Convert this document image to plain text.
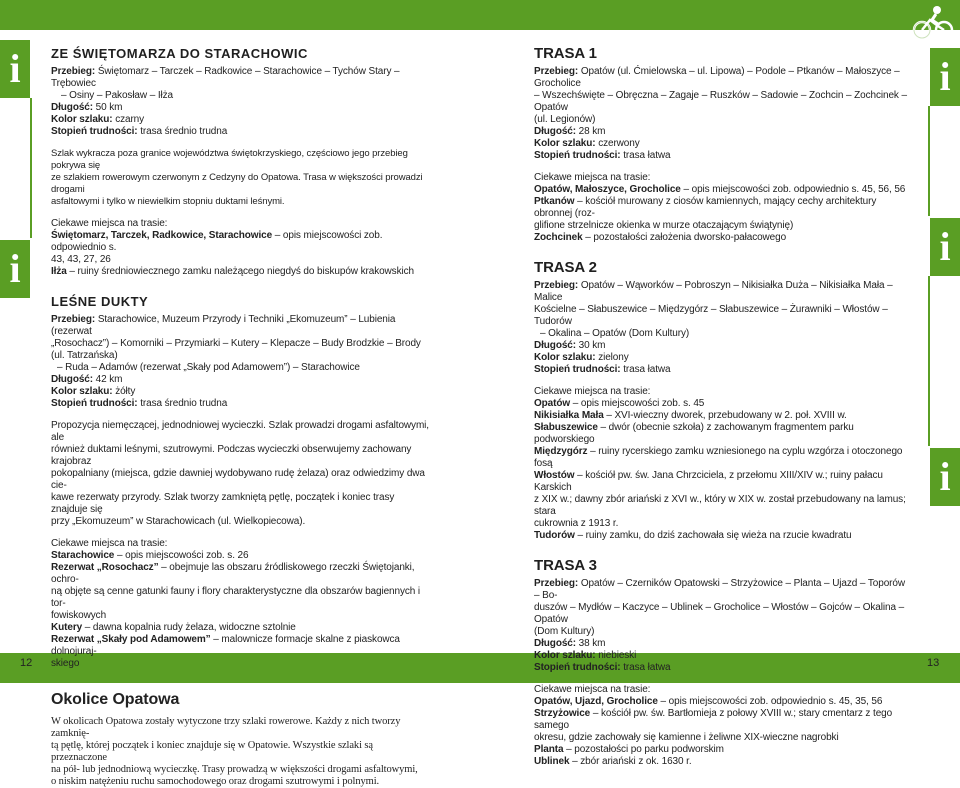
12	13
i
i
i
i
i

ZE ŚWIĘTOMARZA DO STARACHOWIC

Przebieg: Świętomarz – Tarczek – Radkowice – Starachowice – Tychów Stary – Trębowiec

– Osiny – Pakosław – Iłża

Długość: 50 km

Kolor szlaku: czarny

Stopień trudności: trasa średnio trudna

Szlak wykracza poza granice województwa świętokrzyskiego, częściowo jego przebieg pokrywa się

ze szlakiem rowerowym czerwonym z Cedzyny do Opatowa. Trasa w większości prowadzi drogami

asfaltowymi i tylko w niewielkim stopniu duktami leśnymi.

Ciekawe miejsca na trasie:

Świętomarz, Tarczek, Radkowice, Starachowice – opis miejscowości zob. odpowiednio s.

43, 43, 27, 26

Iłża – ruiny średniowiecznego zamku należącego niegdyś do biskupów krakowskich

LEŚNE DUKTY

Przebieg: Starachowice, Muzeum Przyrody i Techniki „Ekomuzeum” – Lubienia (rezerwat

„Rosochacz”) – Komorniki – Przymiarki – Kutery – Klepacze – Budy Brodzkie – Brody (ul. Tatrzańska)

– Ruda – Adamów (rezerwat „Skały pod Adamowem”) – Starachowice

Długość: 42 km

Kolor szlaku: żółty

Stopień trudności: trasa średnio trudna

Propozycja niemęczącej, jednodniowej wycieczki. Szlak prowadzi drogami asfaltowymi, ale

również duktami leśnymi, szutrowymi. Podczas wycieczki obserwujemy zachowany krajobraz

pokopalniany (miejsca, gdzie dawniej wydobywano rudę żelaza) oraz odwiedzimy dwa cie-

kawe rezerwaty przyrody. Szlak tworzy zamkniętą pętlę, początek i koniec trasy znajduje się

przy „Ekomuzeum” w Starachowicach (ul. Wielkopiecowa).

Ciekawe miejsca na trasie:

Starachowice – opis miejscowości zob. s. 26

Rezerwat „Rosochacz” – obejmuje las obszaru źródliskowego rzeczki Świętojanki, ochro-

ną objęte są cenne gatunki fauny i flory charakterystyczne dla obszarów bagiennych i tor-

fowiskowych

Kutery – dawna kopalnia rudy żelaza, widoczne sztolnie

Rezerwat „Skały pod Adamowem” – malownicze formacje skalne z piaskowca dolnojuraj-

skiego

Okolice Opatowa

W okolicach Opatowa zostały wytyczone trzy szlaki rowerowe. Każdy z nich tworzy zamknię-

tą pętlę, której początek i koniec znajduje się w Opatowie. Wszystkie szlaki są przeznaczone

na pół- lub jednodniową wycieczkę. Trasy prowadzą w większości drogami asfaltowymi,

o niskim natężeniu ruchu samochodowego oraz drogami szutrowymi i polnymi.

TRASA 1

Przebieg: Opatów (ul. Ćmielowska – ul. Lipowa) – Podole – Ptkanów – Małoszyce – Grocholice

– Wszechświęte – Obręczna – Zagaje – Ruszków – Sadowie – Zochcin – Zochcinek – Opatów

(ul. Legionów)

Długość: 28 km

Kolor szlaku: czerwony

Stopień trudności: trasa łatwa

Ciekawe miejsca na trasie:

Opatów, Małoszyce, Grocholice – opis miejscowości zob. odpowiednio s. 45, 56, 56

Ptkanów – kościół murowany z ciosów kamiennych, mający cechy architektury obronnej (roz-

glifione strzelnicze okienka w murze otaczającym świątynię)

Zochcinek – pozostałości założenia dworsko-pałacowego

TRASA 2

Przebieg: Opatów – Wąworków – Pobroszyn – Nikisiałka Duża – Nikisiałka Mała – Malice

Kościelne – Słabuszewice – Międzygórz – Słabuszewice – Żurawniki – Włostów – Tudorów

– Okalina – Opatów (Dom Kultury)

Długość: 30 km

Kolor szlaku: zielony

Stopień trudności: trasa łatwa

Ciekawe miejsca na trasie:

Opatów – opis miejscowości zob. s. 45

Nikisiałka Mała – XVI-wieczny dworek, przebudowany w 2. poł. XVIII w.

Słabuszewice – dwór (obecnie szkoła) z zachowanym fragmentem parku podworskiego

Międzygórz – ruiny rycerskiego zamku wzniesionego na cyplu wzgórza i otoczonego fosą

Włostów – kościół pw. św. Jana Chrzciciela, z przełomu XIII/XIV w.; ruiny pałacu Karskich

z XIX w.; dawny zbór ariański z XVI w., który w XIX w. został przebudowany na lamus; stara

cukrownia z 1913 r.

Tudorów – ruiny zamku, do dziś zachowała się wieża na rzucie kwadratu

TRASA 3

Przebieg: Opatów – Czerników Opatowski – Strzyżowice – Planta – Ujazd – Toporów – Bo-

duszów – Mydłów – Kaczyce – Ublinek – Grocholice – Włostów – Gojców – Okalina – Opatów

(Dom Kultury)

Długość: 38 km

Kolor szlaku: niebieski

Stopień trudności: trasa łatwa

Ciekawe miejsca na trasie:

Opatów, Ujazd, Grocholice – opis miejscowości zob. odpowiednio s. 45, 35, 56

Strzyżowice – kościół pw. św. Bartłomieja z połowy XVIII w.; stary cmentarz z tego samego

okresu, gdzie zachowały się kamienne i żeliwne XIX-wieczne nagrobki

Planta – pozostałości po parku podworskim

Ublinek – zbór ariański z ok. 1630 r.
